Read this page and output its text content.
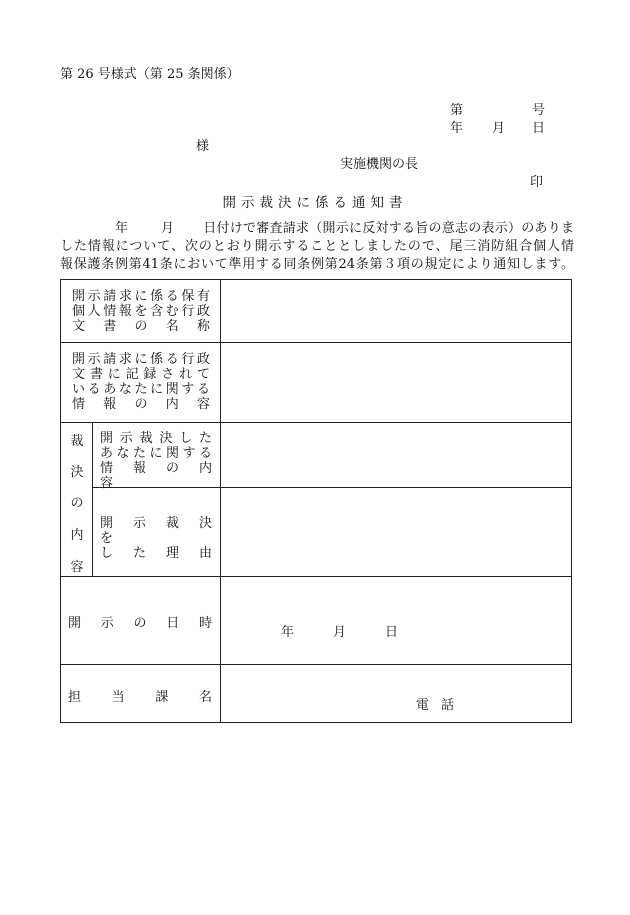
第 26 号様式（第 25 条関係）
第	号
年 月 日
様
実施機関の長
印
開示裁決に係る通知書
年	月 日付けで審査請求（開示に反対する旨の意志の表示）のありま
した情報について、次のとおり開示することとしましたので、尾三消防組合個人情
報保護条例第41条において準用する同条例第24条第３項の規定により通知します。
開示請求に係る保有
個人情報を含む行政
文　書　の　名　称
開示請求に係る行政
文書に記録されて
いるあなたに関する
情　報　の　内　容
裁
決
の
内
容
開示裁決した
あなたに関する
情　報　の　内　容
開　示　裁　決　を
し　た　理　由
開 示 の 日 時
年　　　月　　　日
担 当 課 名
電話
